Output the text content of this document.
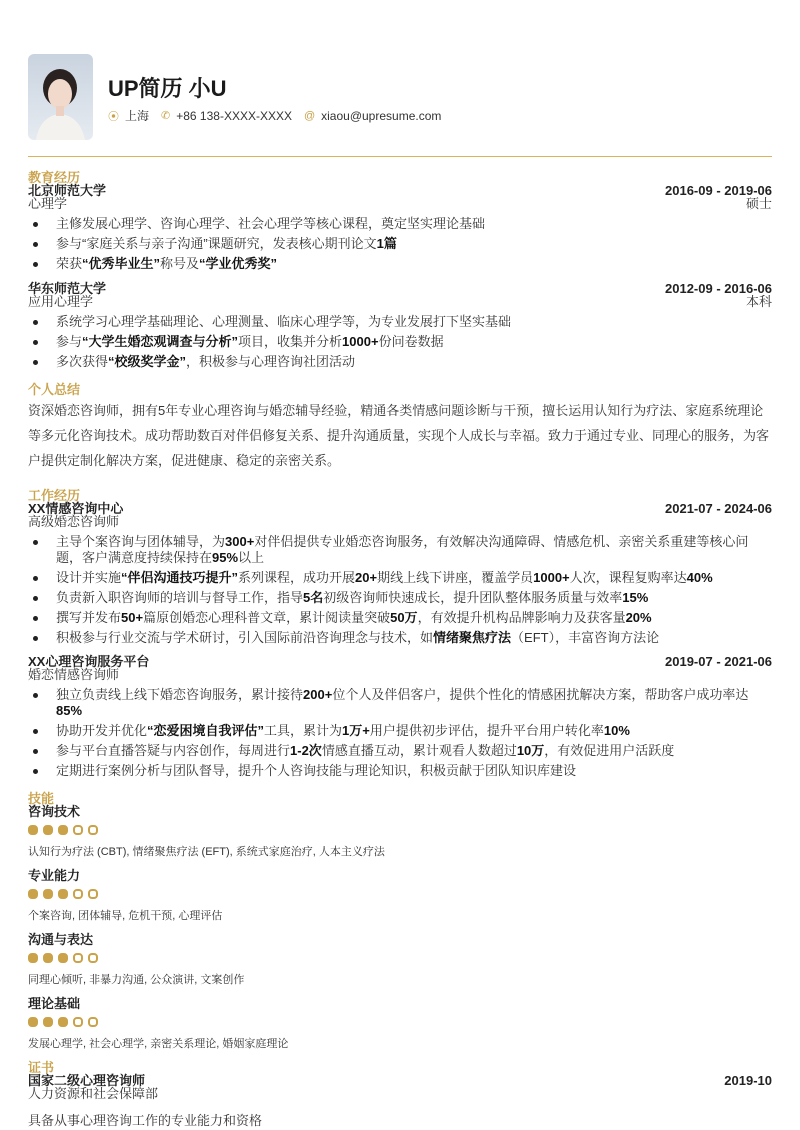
UP简历 小U
⦿ 上海 ✆ +86 138-XXXX-XXXX @ xiaou@upresume.com
教育经历
北京师范大学	2016-09 - 2019-06
心理学	硕士
主修发展心理学、咨询心理学、社会心理学等核心课程，奠定坚实理论基础
参与“家庭关系与亲子沟通”课题研究，发表核心期刊论文1篇
荣获“优秀毕业生”称号及“学业优秀奖”
华东师范大学	2012-09 - 2016-06
应用心理学	本科
系统学习心理学基础理论、心理测量、临床心理学等，为专业发展打下坚实基础
参与“大学生婚恋观调查与分析”项目，收集并分析1000+份问卷数据
多次获得“校级奖学金”，积极参与心理咨询社团活动
个人总结
资深婚恋咨询师，拥有5年专业心理咨询与婚恋辅导经验，精通各类情感问题诊断与干预，擅长运用认知行为疗法、家庭系统理论等多元化咨询技术。成功帮助数百对伴侣修复关系、提升沟通质量，实现个人成长与幸福。致力于通过专业、同理心的服务，为客户提供定制化解决方案，促进健康、稳定的亲密关系。
工作经历
XX情感咨询中心	2021-07 - 2024-06
高级婚恋咨询师
主导个案咨询与团体辅导，为300+对伴侣提供专业婚恋咨询服务，有效解决沟通障碍、情感危机、亲密关系重建等核心问题，客户满意度持续保持在95%以上
设计并实施“伴侣沟通技巧提升”系列课程，成功开展20+期线上线下讲座，覆盖学员1000+人次，课程复购率达40%
负责新入职咨询师的培训与督导工作，指导5名初级咨询师快速成长，提升团队整体服务质量与效率15%
撰写并发布50+篇原创婚恋心理科普文章，累计阅读量突破50万，有效提升机构品牌影响力及获客量20%
积极参与行业交流与学术研讨，引入国际前沿咨询理念与技术，如情绪聚焦疗法（EFT），丰富咨询方法论
XX心理咨询服务平台	2019-07 - 2021-06
婚恋情感咨询师
独立负责线上线下婚恋咨询服务，累计接待200+位个人及伴侣客户，提供个性化的情感困扰解决方案，帮助客户成功率达85%
协助开发并优化“恋爱困境自我评估”工具，累计为1万+用户提供初步评估，提升平台用户转化率10%
参与平台直播答疑与内容创作，每周进行1-2次情感直播互动，累计观看人数超过10万，有效促进用户活跃度
定期进行案例分析与团队督导，提升个人咨询技能与理论知识，积极贡献于团队知识库建设
技能
咨询技术
认知行为疗法 (CBT), 情绪聚焦疗法 (EFT), 系统式家庭治疗, 人本主义疗法
专业能力
个案咨询, 团体辅导, 危机干预, 心理评估
沟通与表达
同理心倾听, 非暴力沟通, 公众演讲, 文案创作
理论基础
发展心理学, 社会心理学, 亲密关系理论, 婚姻家庭理论
证书
国家二级心理咨询师	2019-10
人力资源和社会保障部
具备从事心理咨询工作的专业能力和资格
